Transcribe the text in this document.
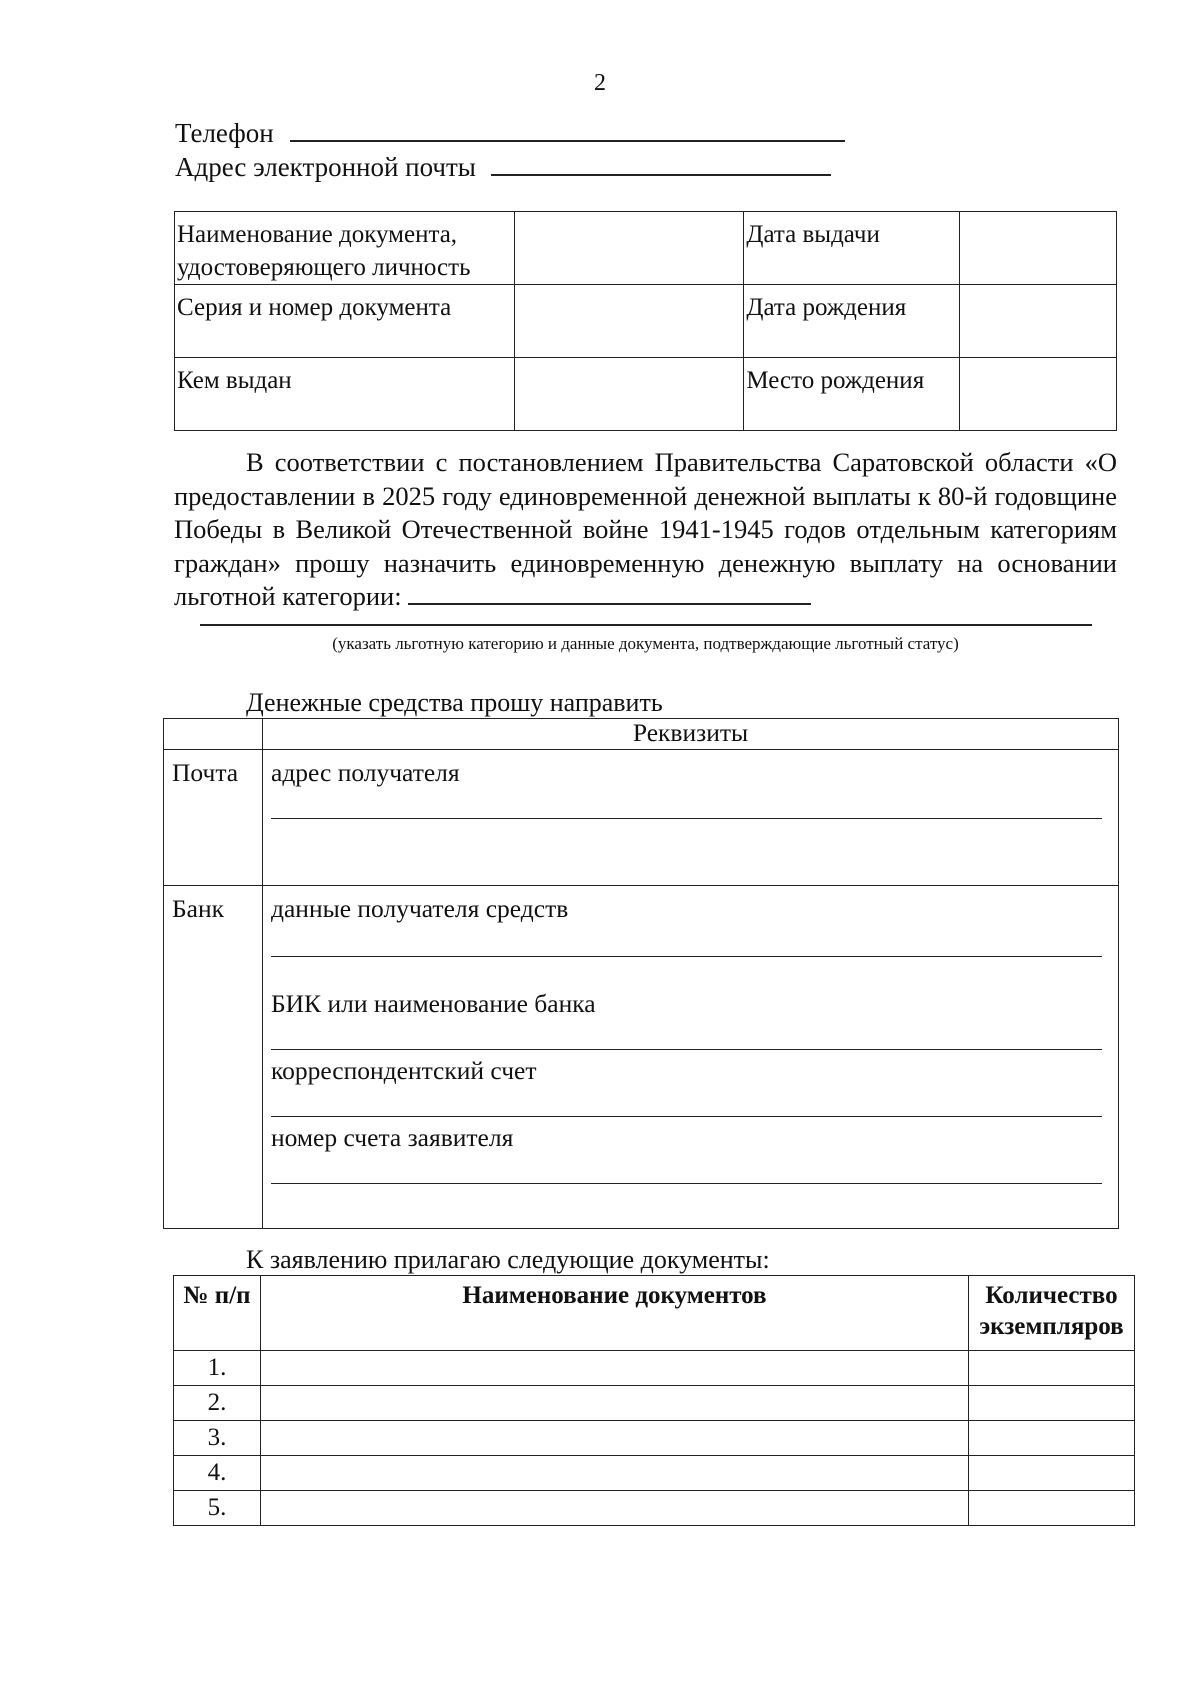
2
Телефон
Адрес электронной почты
Наименование документа, удостоверяющего личность		Дата выдачи	
Серия и номер документа		Дата рождения	
Кем выдан		Место рождения	
В соответствии с постановлением Правительства Саратовской области «О предоставлении в 2025 году единовременной денежной выплаты к 80-й годовщине Победы в Великой Отечественной войне 1941-1945 годов отдельным категориям граждан» прошу назначить единовременную денежную выплату на основании льготной категории:
(указать льготную категорию и данные документа, подтверждающие льготный статус)
Денежные средства прошу направить
	Реквизиты
Почта	адрес получателя

Банк	данные получателя средств
БИК или наименование банка
корреспондентский счет
номер счета заявителя
К заявлению прилагаю следующие документы:
№ п/п	Наименование документов	Количество экземпляров
1.		
2.		
3.		
4.		
5.		
